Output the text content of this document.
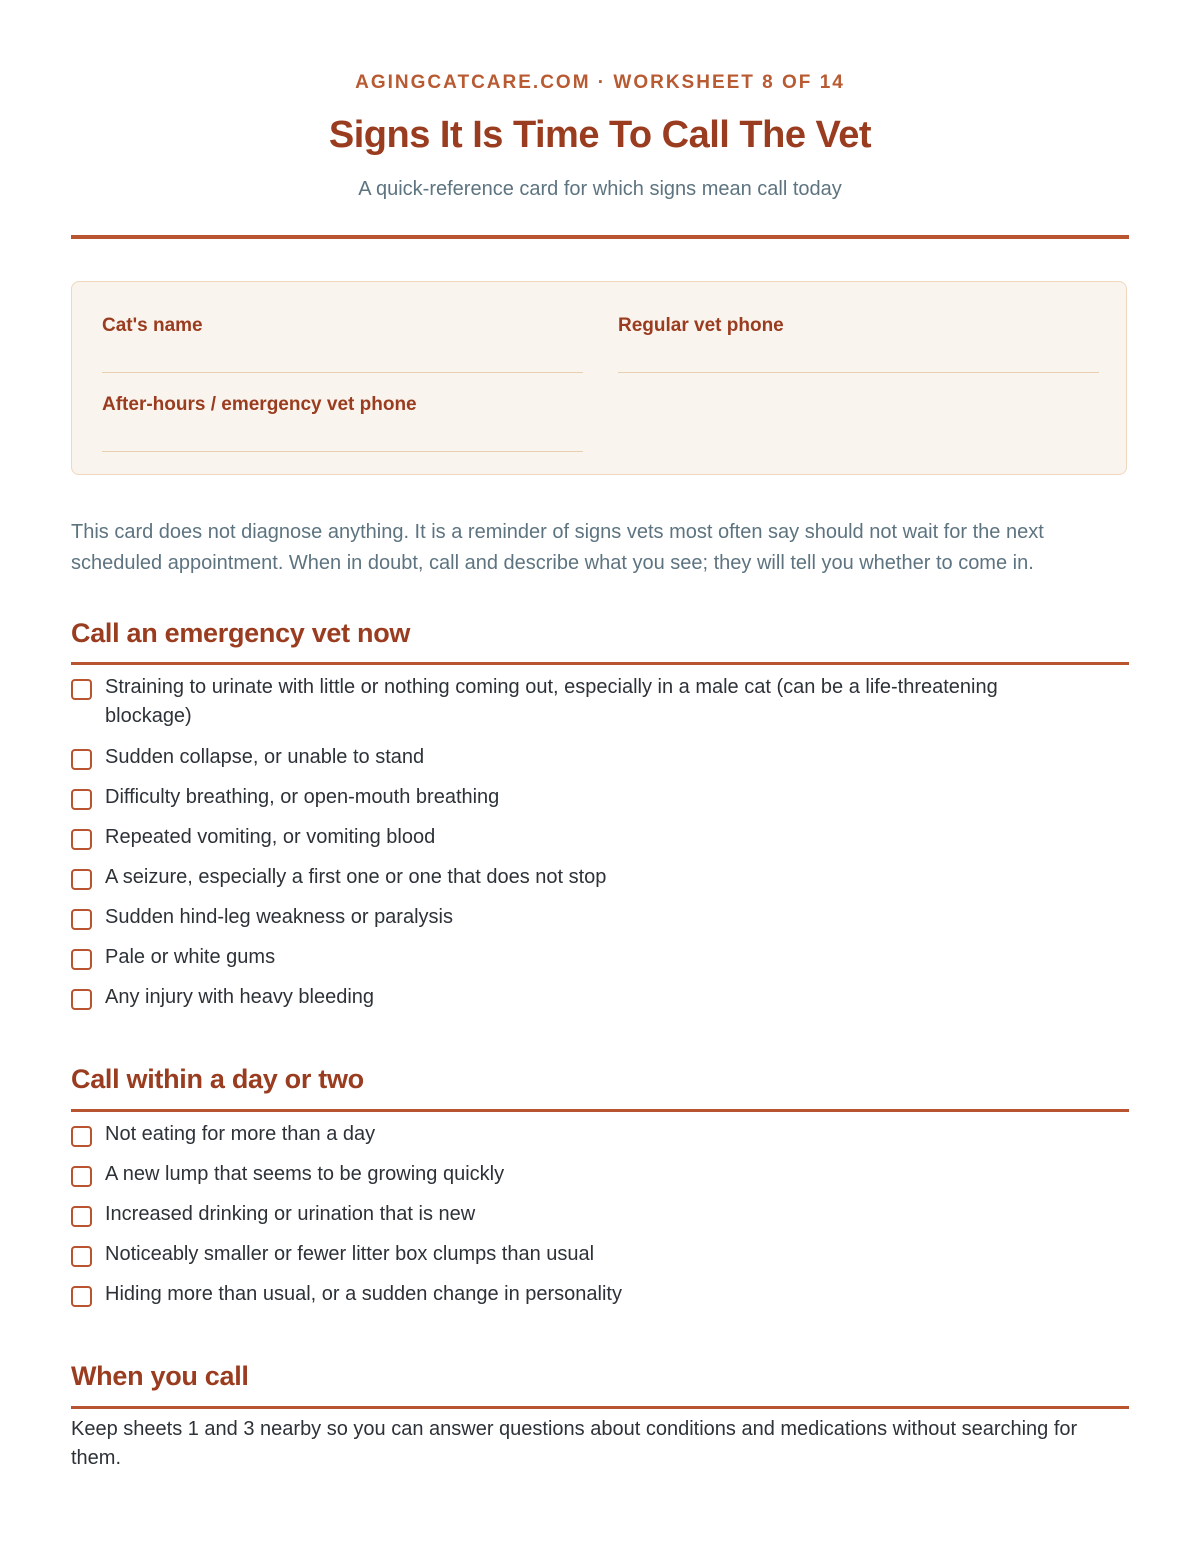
AGINGCATCARE.COM · WORKSHEET 8 OF 14
Signs It Is Time To Call The Vet
A quick-reference card for which signs mean call today
Cat's name	Regular vet phone
After-hours / emergency vet phone

This card does not diagnose anything. It is a reminder of signs vets most often say should not wait for the next scheduled appointment. When in doubt, call and describe what you see; they will tell you whether to come in.

Call an emergency vet now
Straining to urinate with little or nothing coming out, especially in a male cat (can be a life-threatening blockage)
Sudden collapse, or unable to stand
Difficulty breathing, or open-mouth breathing
Repeated vomiting, or vomiting blood
A seizure, especially a first one or one that does not stop
Sudden hind-leg weakness or paralysis
Pale or white gums
Any injury with heavy bleeding
Call within a day or two
Not eating for more than a day
A new lump that seems to be growing quickly
Increased drinking or urination that is new
Noticeably smaller or fewer litter box clumps than usual
Hiding more than usual, or a sudden change in personality
When you call

Keep sheets 1 and 3 nearby so you can answer questions about conditions and medications without searching for them.
